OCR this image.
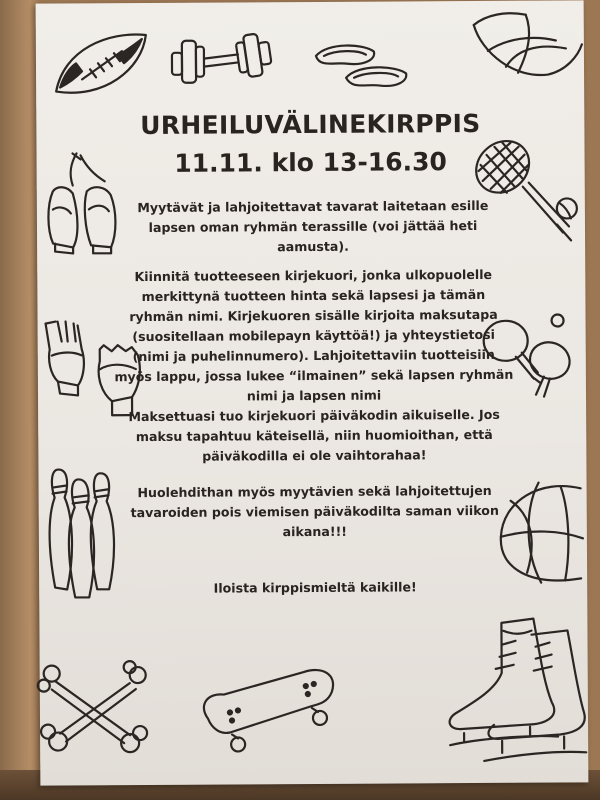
URHEILUVÄLINEKIRPPIS
11.11. klo 13-16.30

Myytävät ja lahjoitettavat tavarat laitetaan esille lapsen oman ryhmän terassille (voi jättää heti aamusta).

Kiinnitä tuotteeseen kirjekuori, jonka ulkopuolelle merkittynä tuotteen hinta sekä lapsesi ja tämän ryhmän nimi. Kirjekuoren sisälle kirjoita maksutapa (suositellaan mobilepayn käyttöä!) ja yhteystietosi (nimi ja puhelinnumero). Lahjoitettaviin tuotteisiin myös lappu, jossa lukee “ilmainen” sekä lapsen ryhmän nimi ja lapsen nimi

Maksettuasi tuo kirjekuori päiväkodin aikuiselle. Jos maksu tapahtuu käteisellä, niin huomioithan, että päiväkodilla ei ole vaihtorahaa!

Huolehdithan myös myytävien sekä lahjoitettujen tavaroiden pois viemisen päiväkodilta saman viikon aikana!!!

Iloista kirppismieltä kaikille!
